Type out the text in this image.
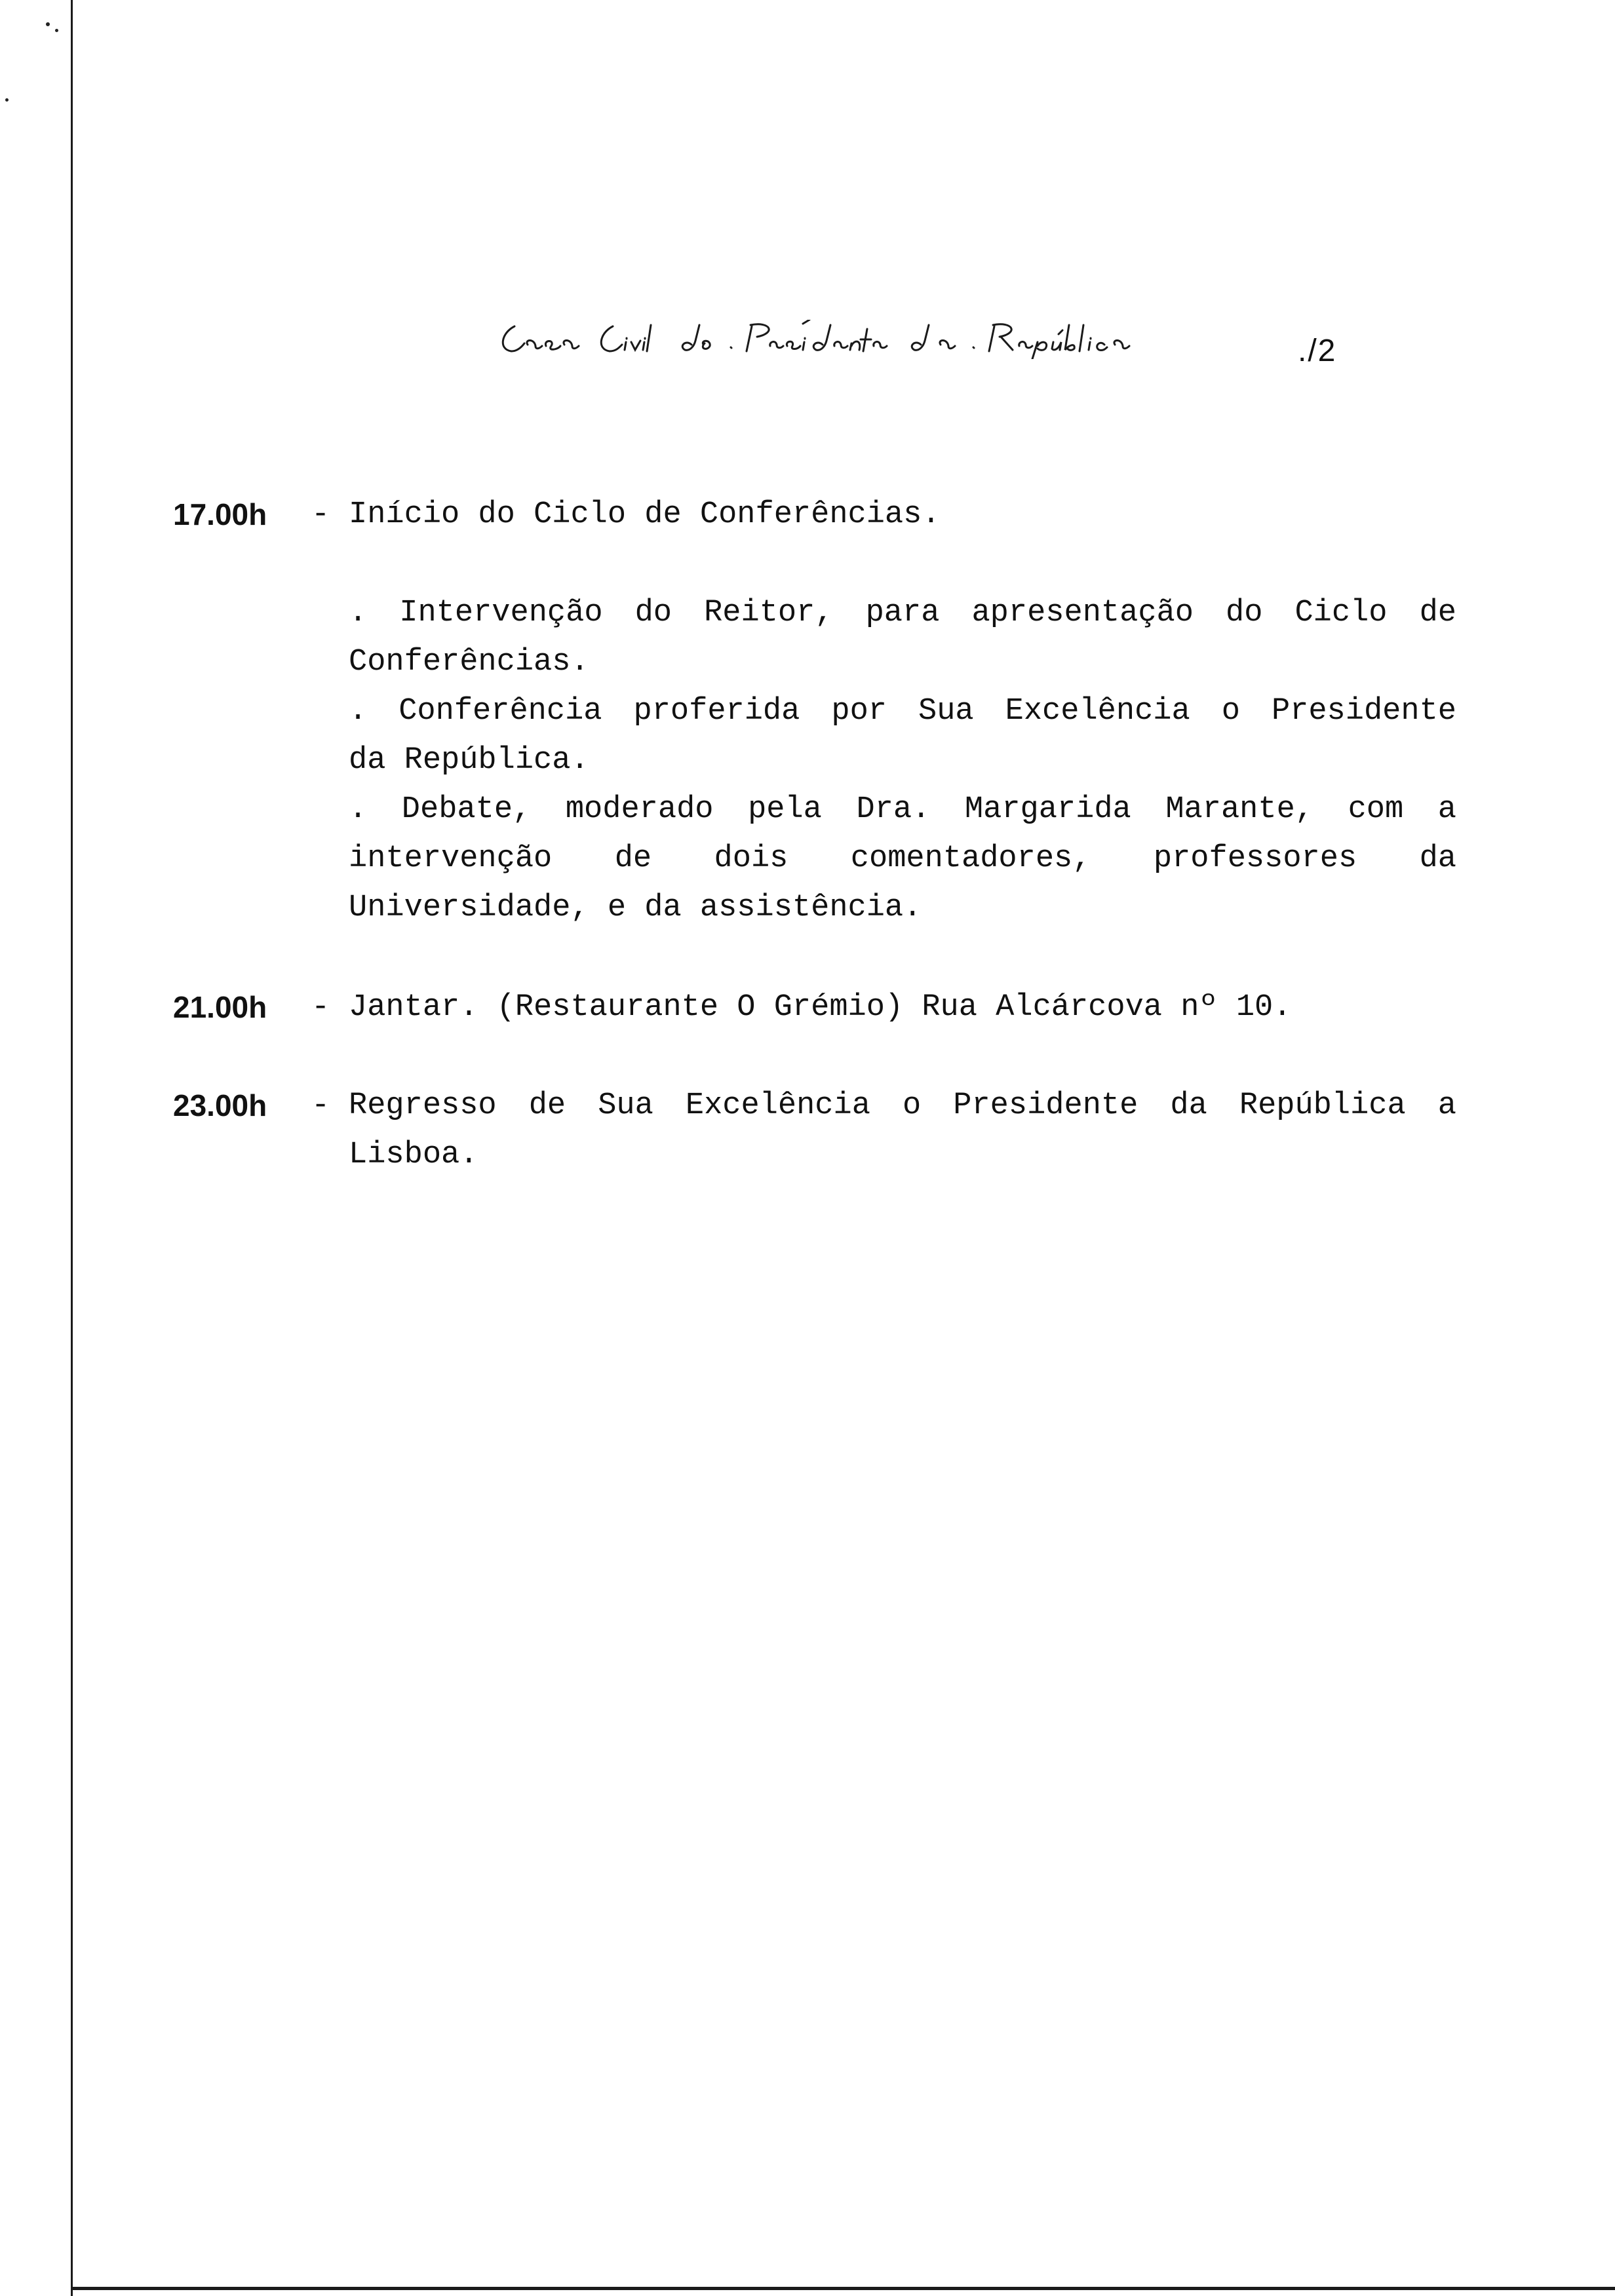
./2
17.00h - Início do Ciclo de Conferências.
. Intervenção do Reitor, para apresentação do Ciclo de
Conferências.
. Conferência proferida por Sua Excelência o Presidente
da República.
. Debate, moderado pela Dra. Margarida Marante, com a
intervenção de dois comentadores, professores da
Universidade, e da assistência.
21.00h - Jantar. (Restaurante O Grémio) Rua Alcárcova nº 10.
23.00h - Regresso de Sua Excelência o Presidente da República a
Lisboa.
